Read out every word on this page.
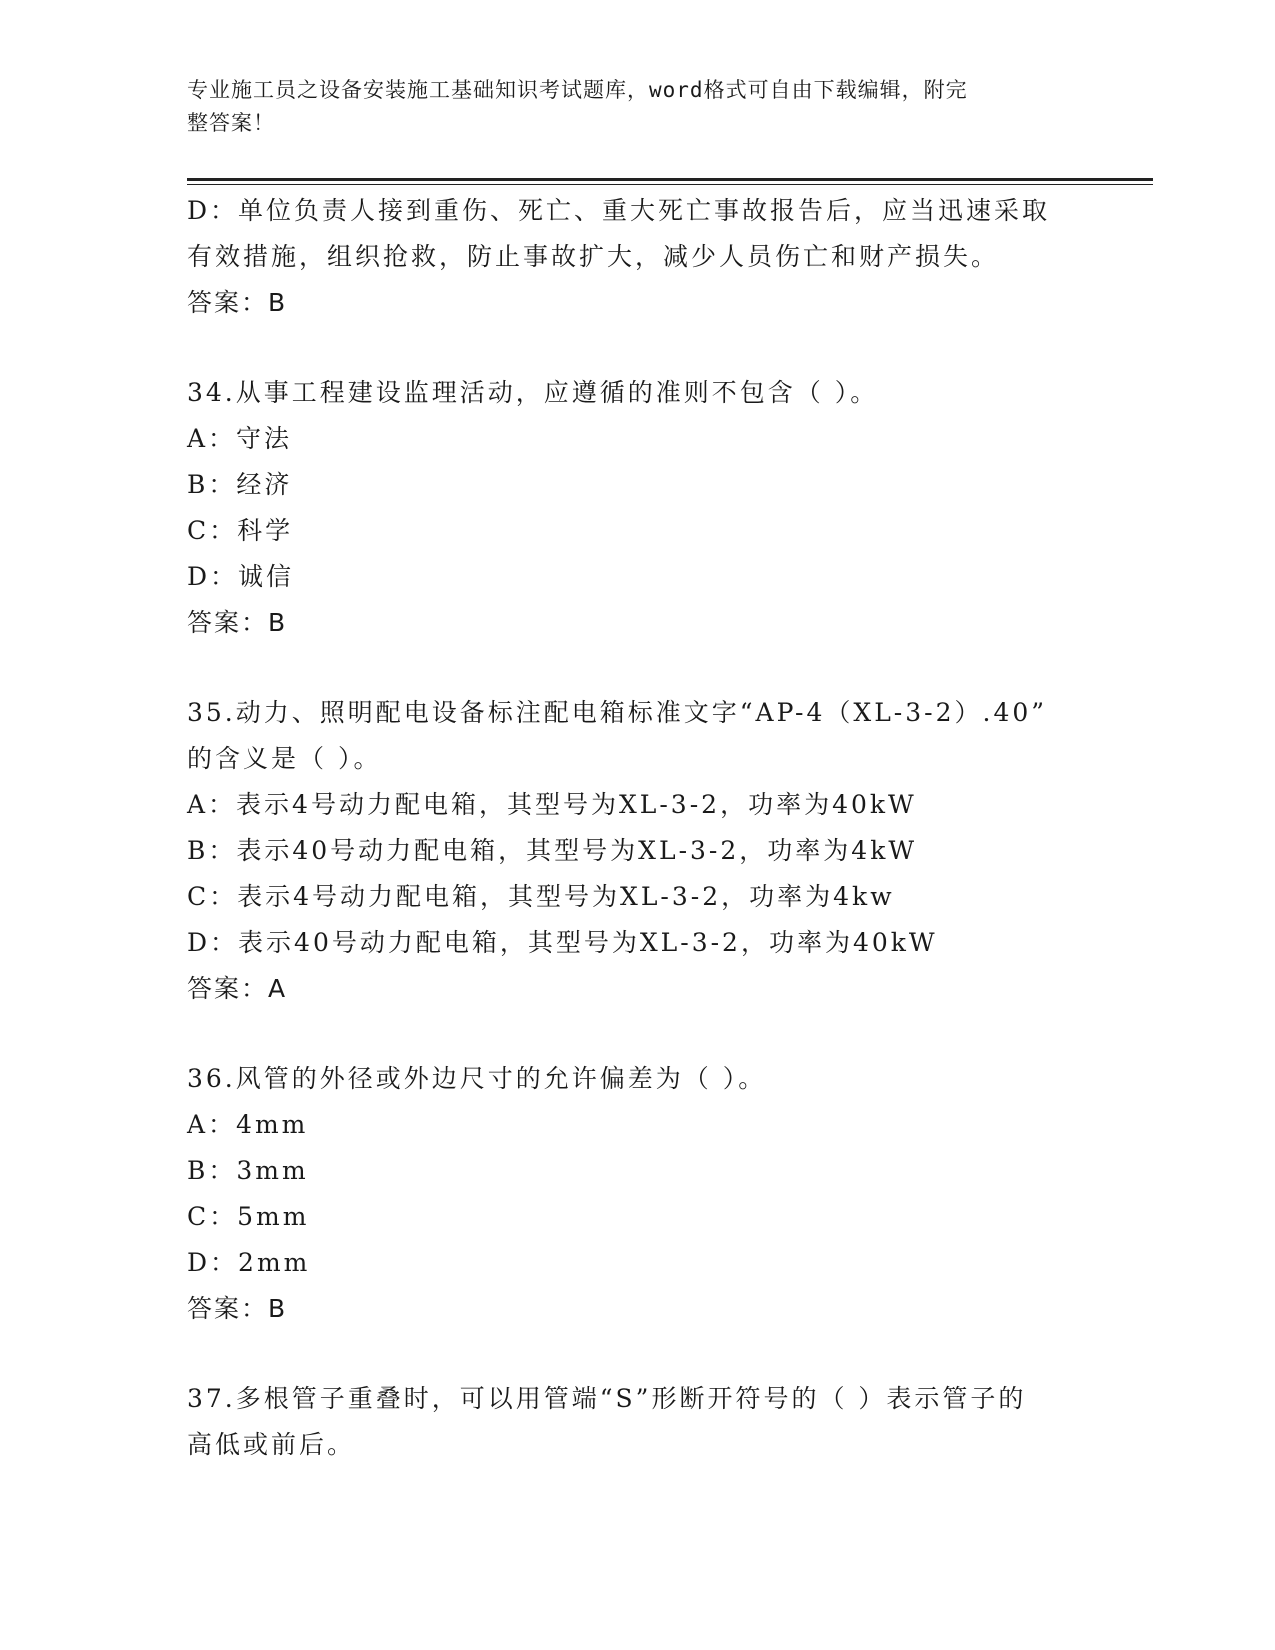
专业施工员之设备安装施工基础知识考试题库，word格式可自由下载编辑，附完
整答案！
D：单位负责人接到重伤、死亡、重大死亡事故报告后，应当迅速采取
有效措施，组织抢救，防止事故扩大，减少人员伤亡和财产损失。
答案：B
34.从事工程建设监理活动，应遵循的准则不包含（ ）。
A：守法
B：经济
C：科学
D：诚信
答案：B
35.动力、照明配电设备标注配电箱标准文字“AP-4（XL-3-2）.40”
的含义是（ ）。
A：表示4号动力配电箱，其型号为XL-3-2，功率为40kW
B：表示40号动力配电箱，其型号为XL-3-2，功率为4kW
C：表示4号动力配电箱，其型号为XL-3-2，功率为4kw
D：表示40号动力配电箱，其型号为XL-3-2，功率为40kW
答案：A
36.风管的外径或外边尺寸的允许偏差为（ ）。
A：4mm
B：3mm
C：5mm
D：2mm
答案：B
37.多根管子重叠时，可以用管端“S”形断开符号的（ ）表示管子的
高低或前后。
